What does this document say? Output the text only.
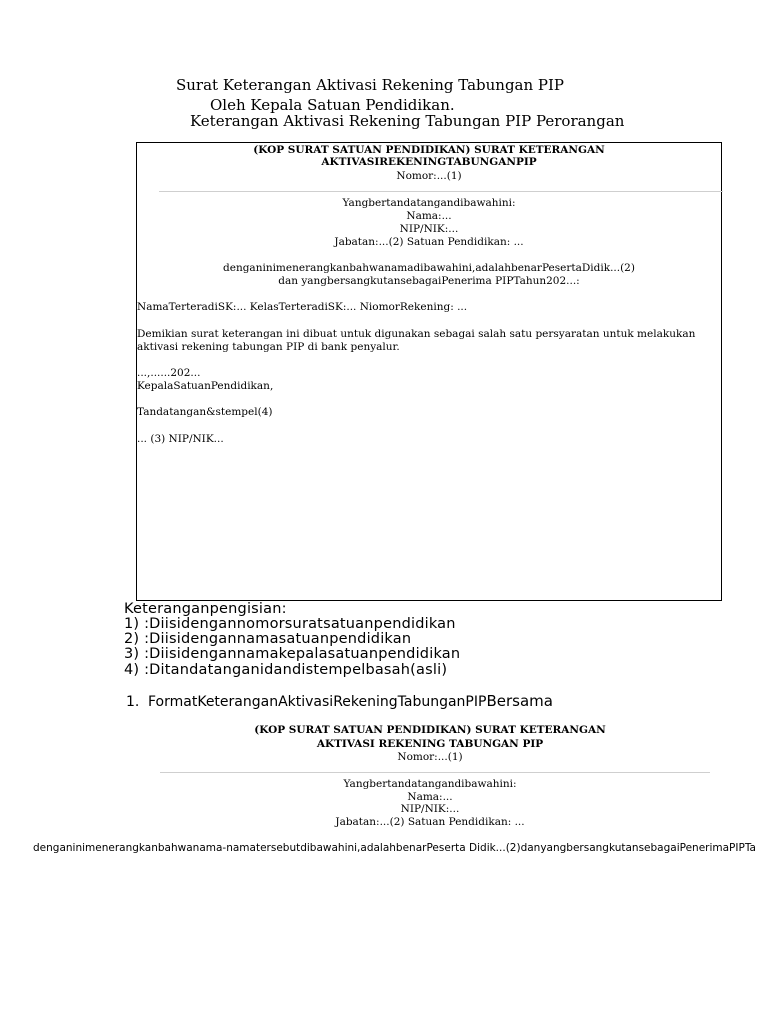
Surat Keterangan Aktivasi Rekening Tabungan PIP
Oleh Kepala Satuan Pendidikan.
Keterangan Aktivasi Rekening Tabungan PIP Perorangan
(KOP SURAT SATUAN PENDIDIKAN) SURAT KETERANGAN
AKTIVASIREKENINGTABUNGANPIP
Nomor:...(1)
Yangbertandatangandibawahini:
Nama:...
NIP/NIK:...
Jabatan:...(2) Satuan Pendidikan: ...
denganinimenerangkanbahwanamadibawahini,adalahbenarPesertaDidik...(2)
dan yangbersangkutansebagaiPenerima PIPTahun202...:
NamaTerteradiSK:... KelasTerteradiSK:... NiomorRekening: ...
Demikian surat keterangan ini dibuat untuk digunakan sebagai salah satu persyaratan untuk melakukan
aktivasi rekening tabungan PIP di bank penyalur.
...,......202...
KepalaSatuanPendidikan,
Tandatangan&stempel(4)
... (3) NIP/NIK...
Keteranganpengisian:
1) :Diisidengannomorsuratsatuanpendidikan
2) :Diisidengannamasatuanpendidikan
3) :Diisidengannamakepalasatuanpendidikan
4) :Ditandatanganidandistempelbasah(asli)
1. FormatKeteranganAktivasiRekeningTabunganPIPBersama
(KOP SURAT SATUAN PENDIDIKAN) SURAT KETERANGAN
AKTIVASI REKENING TABUNGAN PIP
Nomor:...(1)
Yangbertandatangandibawahini:
Nama:...
NIP/NIK:...
Jabatan:...(2) Satuan Pendidikan: ...
denganinimenerangkanbahwanama-namatersebutdibawahini,adalahbenarPeserta Didik...(2)danyangbersangkutansebagaiPenerimaPIPTa
